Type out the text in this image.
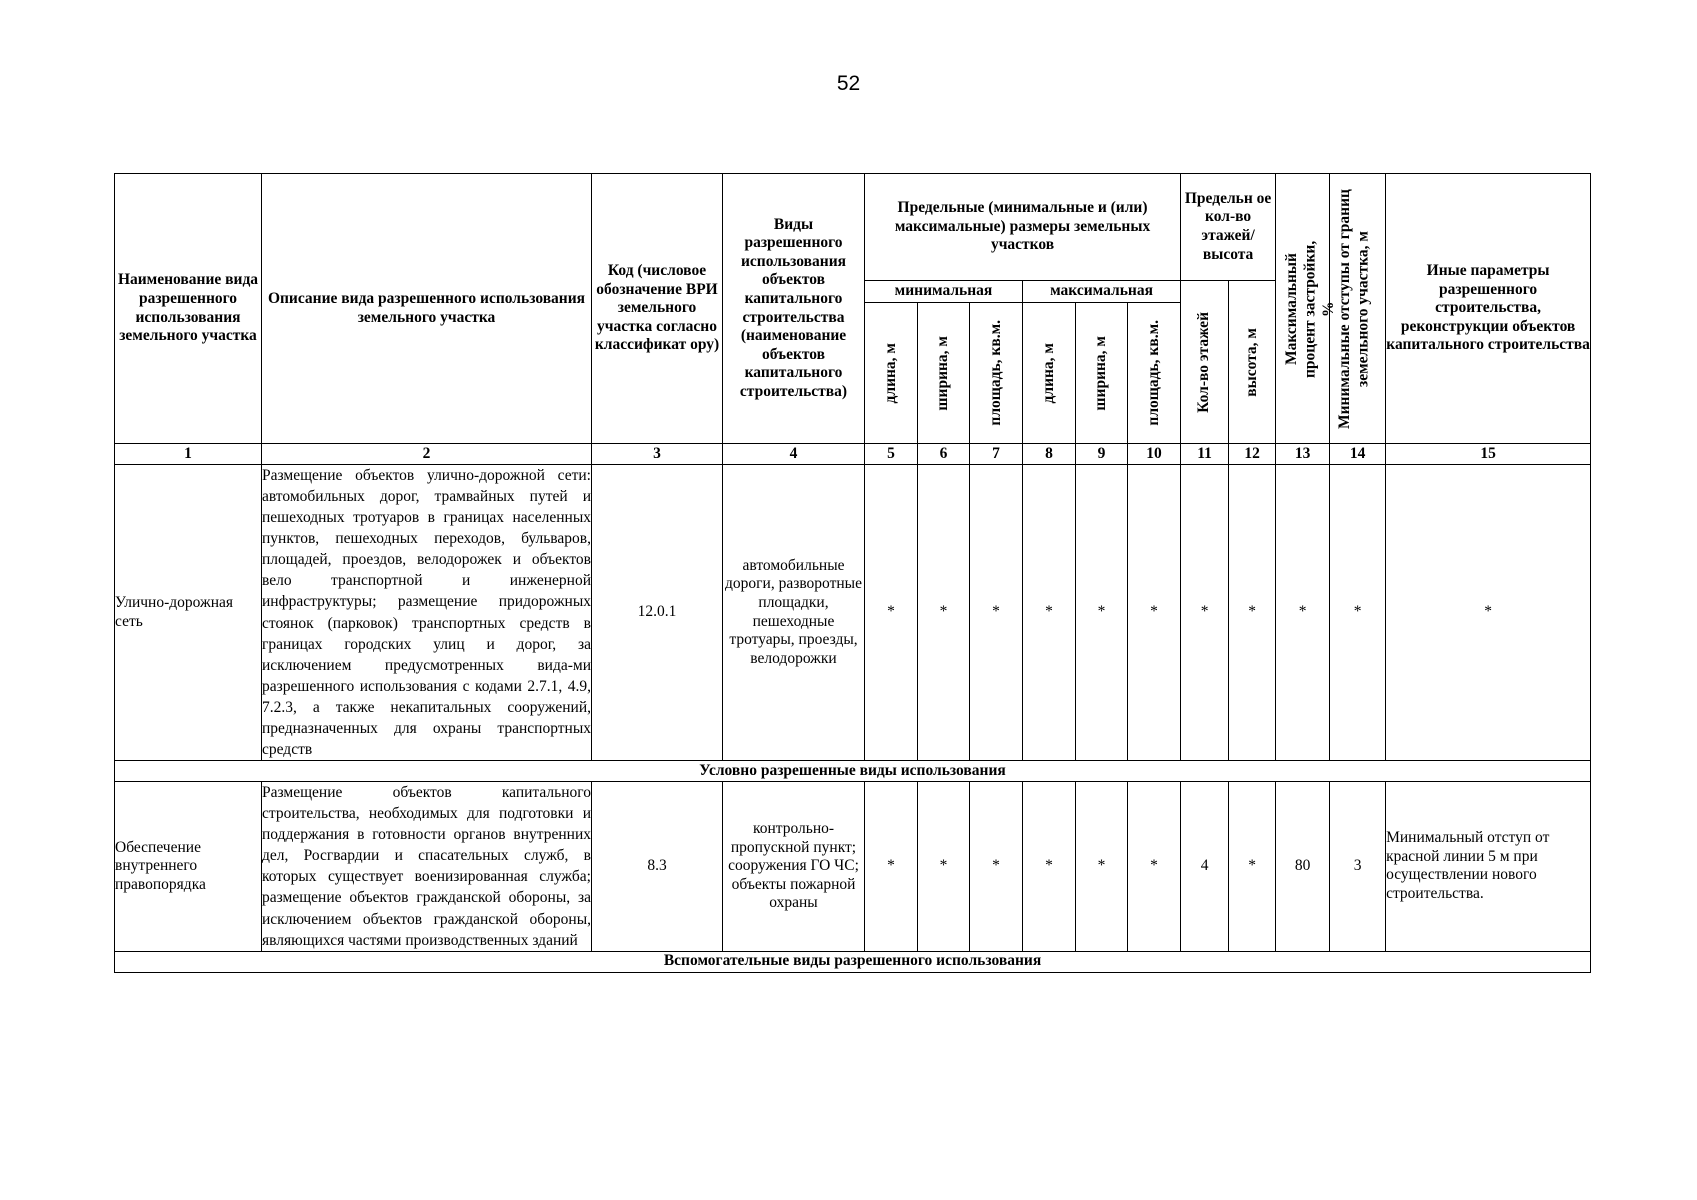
52
Наименование вида разрешенного использования земельного участка	Описание вида разрешенного использования земельного участка	Код (числовое обозначение ВРИ земельного участка согласно классификат ору)	Виды разрешенного использования объектов капитального строительства (наименование объектов капитального строительства)	Предельные (минимальные и (или) максимальные) размеры земельных участков						Предельн ое кол-во этажей/ высота		Максимальный процент застройки, %	Минимальные отступы от границ земельного участка, м	Иные параметры разрешенного строительства, реконструкции объектов капитального строительства
				минимальная			максимальная			Кол-во этажей	высота, м			

				длина, м	ширина, м	площадь, кв.м.	длина, м	ширина, м	площадь, кв.м.					

1	2	3	4	5	6	7	8	9	10	11	12	13	14	15
Улично-дорожная сеть	Размещение объектов улично-дорожной сети: автомобильных дорог, трамвайных путей и пешеходных тротуаров в границах населенных пунктов, пешеходных переходов, бульваров, площадей, проездов, велодорожек и объектов вело транспортной и инженерной инфраструктуры; размещение придорожных стоянок (парковок) транспортных средств в границах городских улиц и дорог, за исключением предусмотренных вида-ми разрешенного использования с кодами 2.7.1, 4.9, 7.2.3, а также некапитальных сооружений, предназначенных для охраны транспортных средств	12.0.1	автомобильные дороги, разворотные площадки, пешеходные тротуары, проезды, велодорожки	*	*	*	*	*	*	*	*	*	*	*
Условно разрешенные виды использования														
Обеспечение внутреннего правопорядка	Размещение объектов капитального строительства, необходимых для подготовки и поддержания в готовности органов внутренних дел, Росгвардии и спасательных служб, в которых существует военизированная служба; размещение объектов гражданской обороны, за исключением объектов гражданской обороны, являющихся частями производственных зданий	8.3	контрольно-пропускной пункт; сооружения ГО ЧС; объекты пожарной охраны	*	*	*	*	*	*	4	*	80	3	Минимальный отступ от красной линии 5 м при осуществлении нового строительства.
Вспомогательные виды разрешенного использования														
